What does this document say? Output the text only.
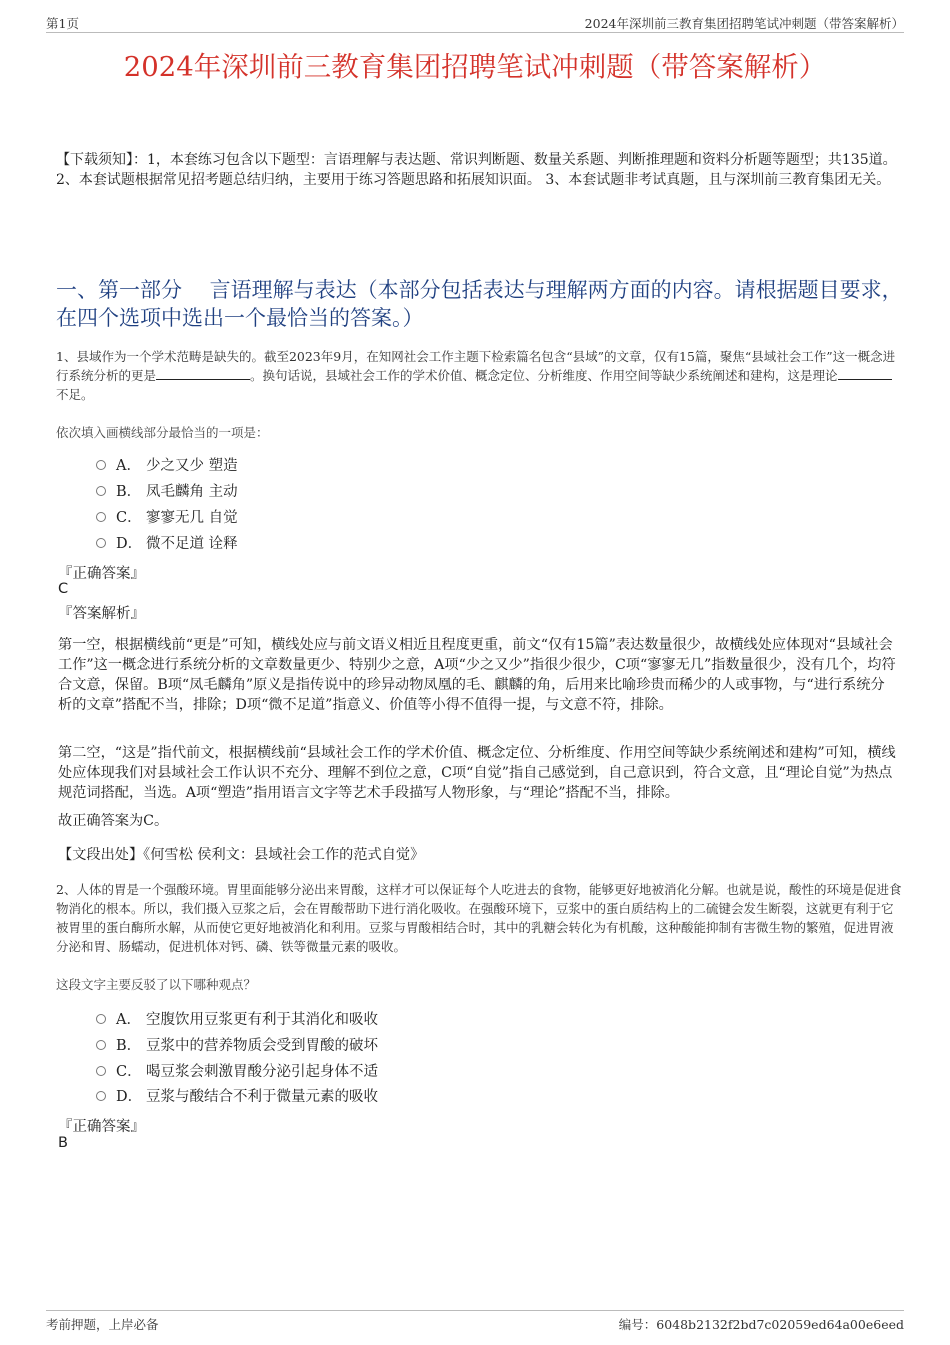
第1页	2024年深圳前三教育集团招聘笔试冲刺题（带答案解析）
2024年深圳前三教育集团招聘笔试冲刺题（带答案解析）
【下载须知】：1，本套练习包含以下题型：言语理解与表达题、常识判断题、数量关系题、判断推理题和资料分析题等题型；共135道。 2、本套试题根据常见招考题总结归纳，主要用于练习答题思路和拓展知识面。 3、本套试题非考试真题，且与深圳前三教育集团无关。
一、第一部分　 言语理解与表达（本部分包括表达与理解两方面的内容。请根据题目要求，在四个选项中选出一个最恰当的答案。）
1、县域作为一个学术范畴是缺失的。截至2023年9月，在知网社会工作主题下检索篇名包含“县域”的文章，仅有15篇，聚焦“县域社会工作”这一概念进行系统分析的更是	。换句话说，县域社会工作的学术价值、概念定位、分析维度、作用空间等缺少系统阐述和建构，这是理论不足。
依次填入画横线部分最恰当的一项是：
A． 少之又少 塑造
B． 凤毛麟角 主动
C． 寥寥无几 自觉
D． 微不足道 诠释
『正确答案』
C
『答案解析』
第一空，根据横线前“更是”可知，横线处应与前文语义相近且程度更重，前文“仅有15篇”表达数量很少，故横线处应体现对“县域社会工作”这一概念进行系统分析的文章数量更少、特别少之意，A项“少之又少”指很少很少，C项“寥寥无几”指数量很少，没有几个，均符合文意，保留。B项“凤毛麟角”原义是指传说中的珍异动物凤凰的毛、麒麟的角，后用来比喻珍贵而稀少的人或事物，与“进行系统分析的文章”搭配不当，排除；D项“微不足道”指意义、价值等小得不值得一提，与文意不符，排除。
第二空，“这是”指代前文，根据横线前“县域社会工作的学术价值、概念定位、分析维度、作用空间等缺少系统阐述和建构”可知，横线处应体现我们对县域社会工作认识不充分、理解不到位之意，C项“自觉”指自己感觉到，自己意识到，符合文意，且“理论自觉”为热点规范词搭配，当选。A项“塑造”指用语言文字等艺术手段描写人物形象，与“理论”搭配不当，排除。
故正确答案为C。
【文段出处】《何雪松 侯利文：县域社会工作的范式自觉》
2、人体的胃是一个强酸环境。胃里面能够分泌出来胃酸，这样才可以保证每个人吃进去的食物，能够更好地被消化分解。也就是说，酸性的环境是促进食物消化的根本。所以，我们摄入豆浆之后，会在胃酸帮助下进行消化吸收。在强酸环境下，豆浆中的蛋白质结构上的二硫键会发生断裂，这就更有利于它被胃里的蛋白酶所水解，从而使它更好地被消化和利用。豆浆与胃酸相结合时，其中的乳糖会转化为有机酸，这种酸能抑制有害微生物的繁殖，促进胃液分泌和胃、肠蠕动，促进机体对钙、磷、铁等微量元素的吸收。
这段文字主要反驳了以下哪种观点？
A． 空腹饮用豆浆更有利于其消化和吸收
B． 豆浆中的营养物质会受到胃酸的破坏
C． 喝豆浆会刺激胃酸分泌引起身体不适
D． 豆浆与酸结合不利于微量元素的吸收
『正确答案』
B
考前押题，上岸必备	编号：6048b2132f2bd7c02059ed64a00e6eed
